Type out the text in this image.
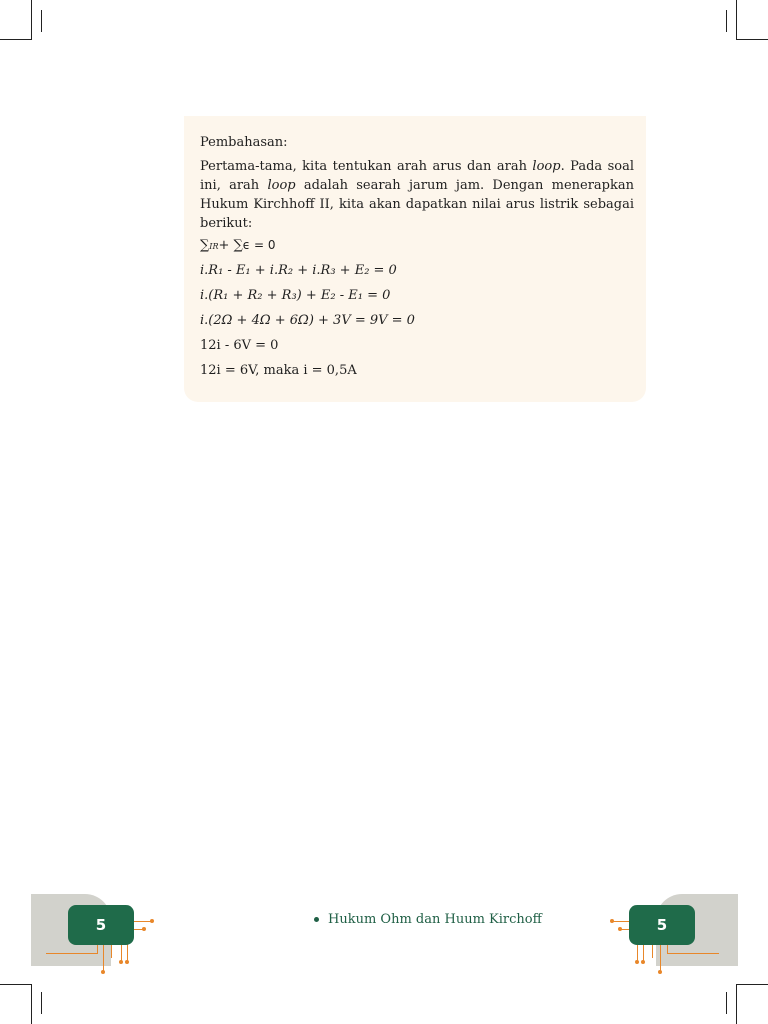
Pembahasan:

Pertama-tama, kita tentukan arah arus dan arah loop. Pada soal ini, arah loop adalah searah jarum jam. Dengan menerapkan Hukum Kirchhoff II, kita akan dapatkan nilai arus listrik sebagai berikut:

∑IR+ ∑ϵ = 0

i.R₁ - E₁ + i.R₂ + i.R₃ + E₂ = 0

i.(R₁ + R₂ + R₃) + E₂ - E₁ = 0

i.(2Ω + 4Ω + 6Ω) + 3V = 9V = 0

12i - 6V = 0

12i = 6V, maka i = 0,5A

5	Hukum Ohm dan Huum Kirchoff	5
